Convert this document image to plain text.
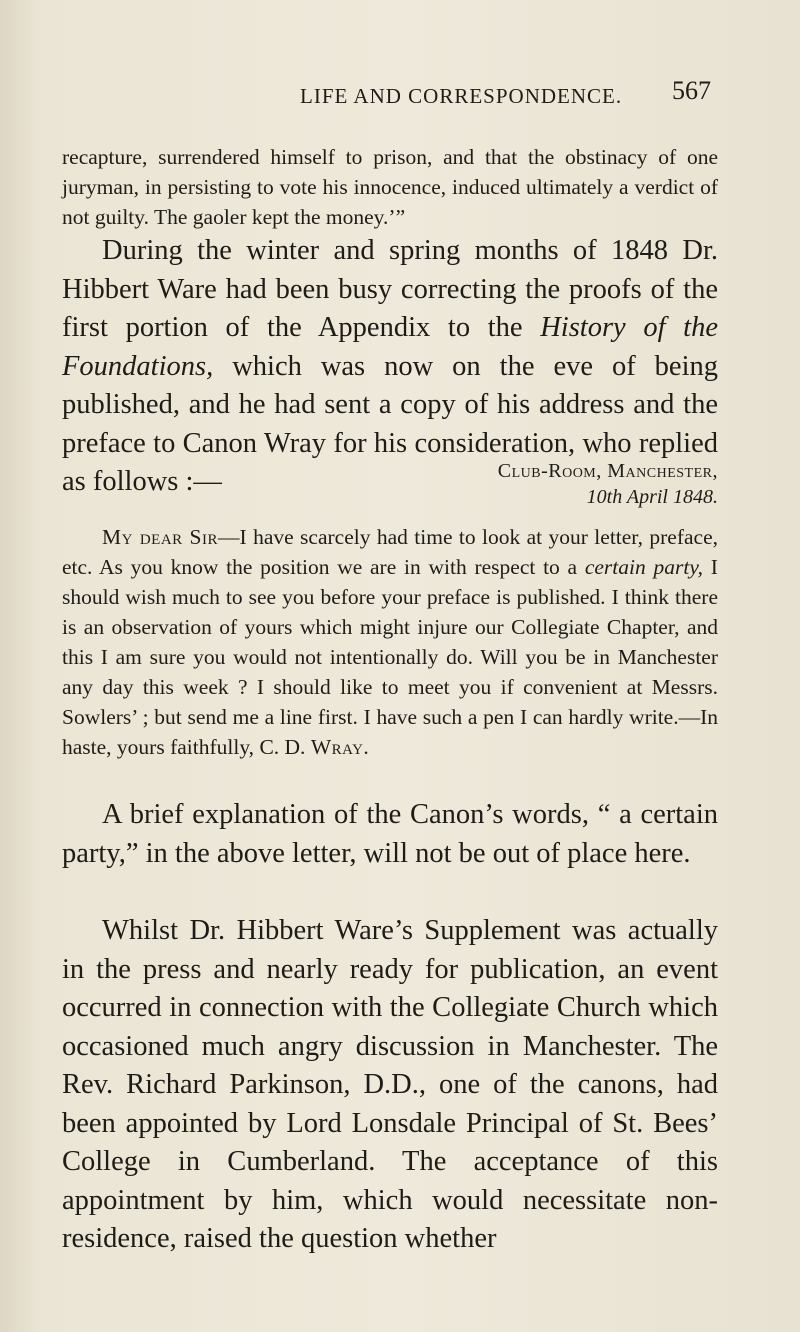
LIFE AND CORRESPONDENCE. 567

recapture, surrendered himself to prison, and that the obstinacy of one juryman, in persisting to vote his innocence, induced ultimately a verdict of not guilty. The gaoler kept the money.’”

During the winter and spring months of 1848 Dr. Hibbert Ware had been busy correcting the proofs of the first portion of the Appendix to the History of the Foundations, which was now on the eve of being published, and he had sent a copy of his address and the preface to Canon Wray for his consideration, who replied as follows :—	Club-Room, Manchester,
10th April 1848.

My dear Sir—I have scarcely had time to look at your letter, preface, etc. As you know the position we are in with respect to a certain party, I should wish much to see you before your preface is published. I think there is an observation of yours which might injure our Collegiate Chapter, and this I am sure you would not intentionally do. Will you be in Manchester any day this week ? I should like to meet you if convenient at Messrs. Sowlers’ ; but send me a line first. I have such a pen I can hardly write.—In haste, yours faithfully, C. D. Wray.

A brief explanation of the Canon’s words, “ a certain party,” in the above letter, will not be out of place here.

Whilst Dr. Hibbert Ware’s Supplement was actually in the press and nearly ready for publication, an event occurred in connection with the Collegiate Church which occasioned much angry discussion in Manchester. The Rev. Richard Parkinson, D.D., one of the canons, had been appointed by Lord Lonsdale Principal of St. Bees’ College in Cumberland. The acceptance of this appointment by him, which would necessitate non-residence, raised the question whether
